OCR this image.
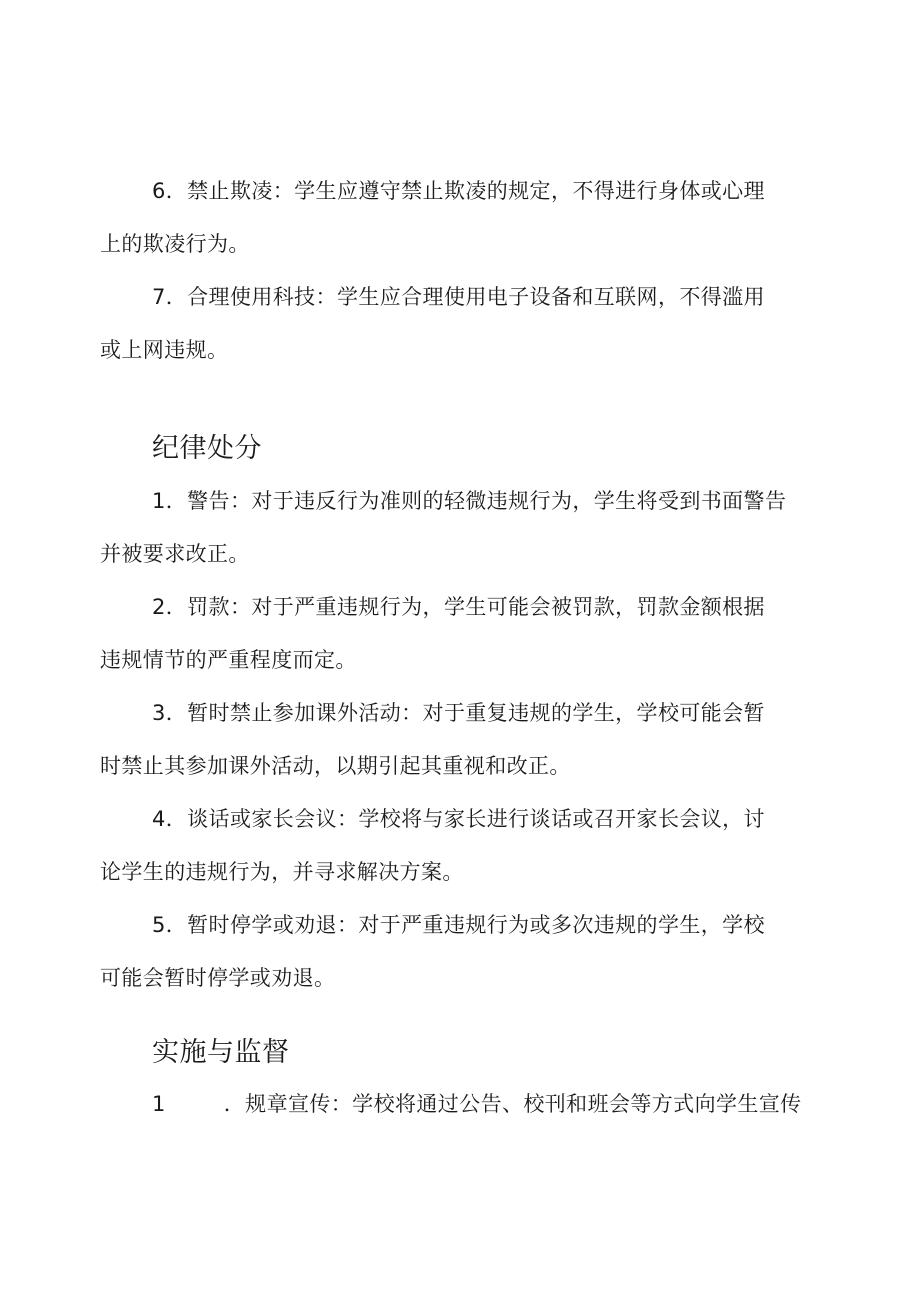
6．禁止欺凌：学生应遵守禁止欺凌的规定，不得进行身体或心理

上的欺凌行为。

7．合理使用科技：学生应合理使用电子设备和互联网，不得滥用

或上网违规。

纪律处分

1．警告：对于违反行为准则的轻微违规行为，学生将受到书面警告

并被要求改正。

2．罚款：对于严重违规行为，学生可能会被罚款，罚款金额根据

违规情节的严重程度而定。

3．暂时禁止参加课外活动：对于重复违规的学生，学校可能会暂

时禁止其参加课外活动，以期引起其重视和改正。

4．谈话或家长会议：学校将与家长进行谈话或召开家长会议，讨

论学生的违规行为，并寻求解决方案。

5．暂时停学或劝退：对于严重违规行为或多次违规的学生，学校

可能会暂时停学或劝退。

实施与监督

1	．规章宣传：学校将通过公告、校刊和班会等方式向学生宣传
